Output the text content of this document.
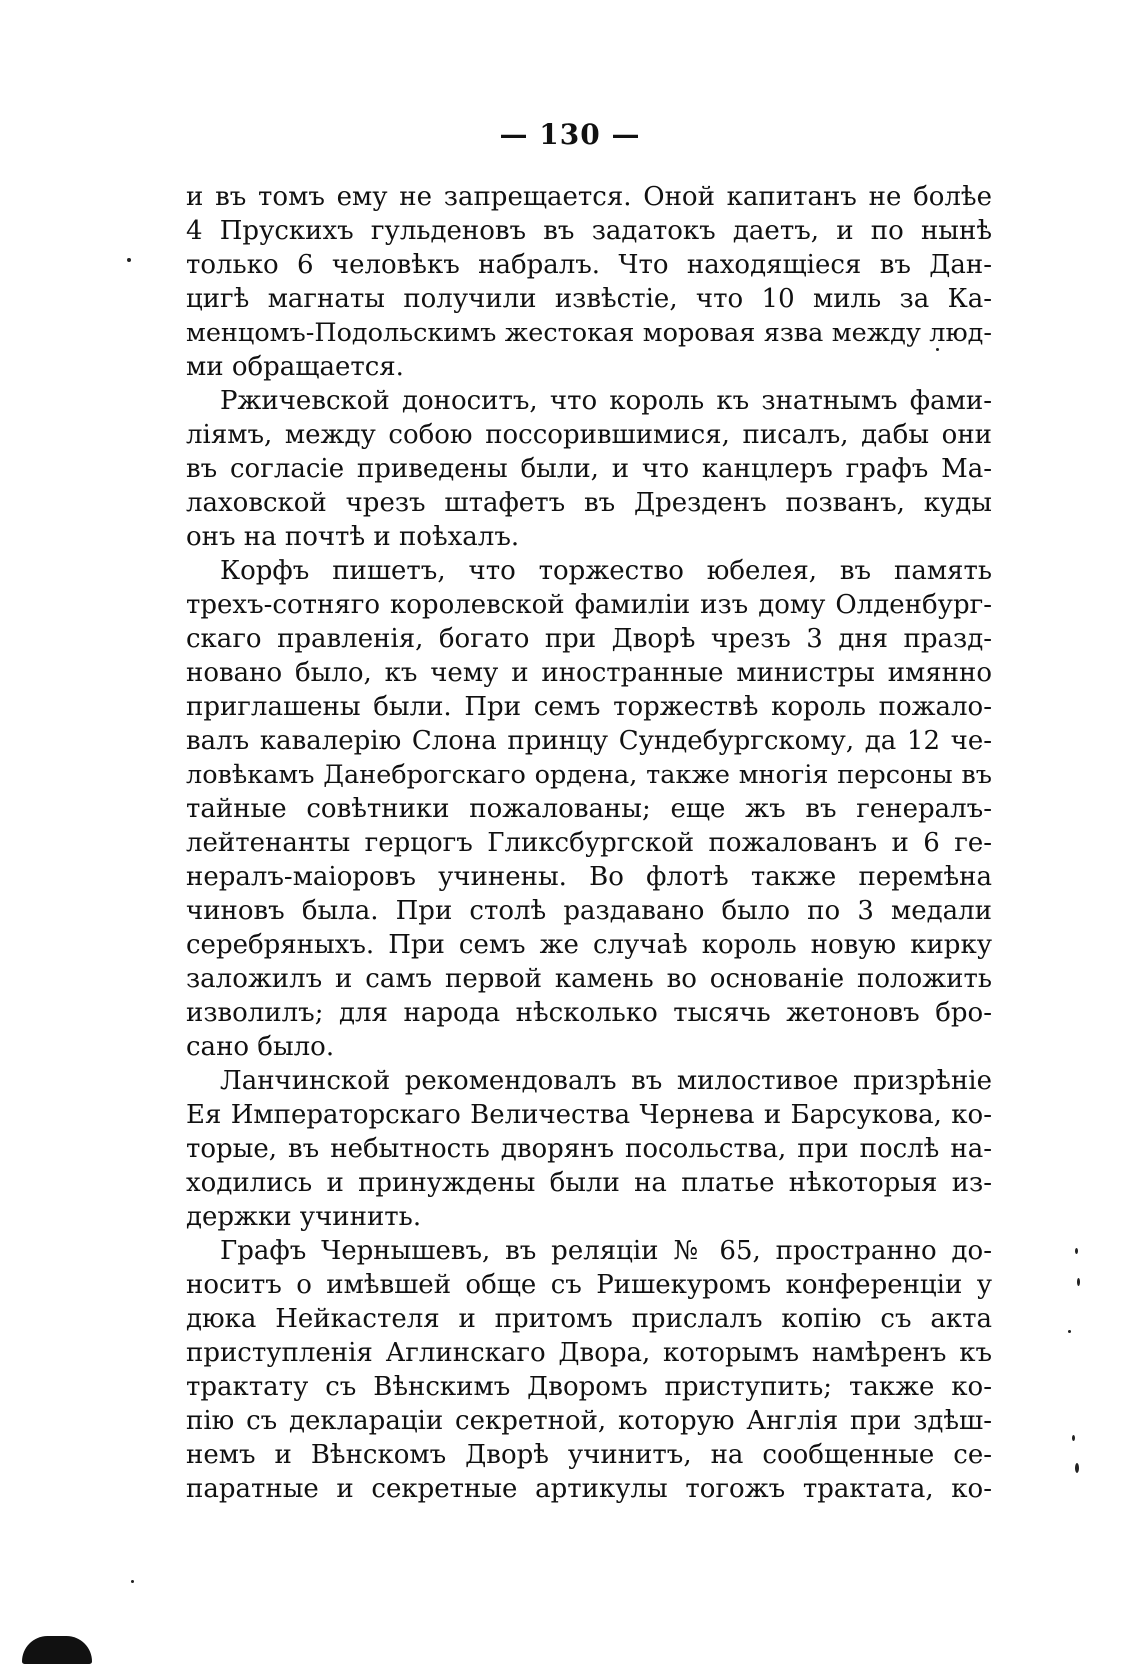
— 130 —
и въ томъ ему не запрещается. Оной капитанъ не болѣе
4 Прускихъ гульденовъ въ задатокъ даетъ, и по нынѣ
только 6 человѣкъ набралъ. Что находящіеся въ Дан-
цигѣ магнаты получили извѣстіе, что 10 миль за Ка-
менцомъ-Подольскимъ жестокая моровая язва между люд-
ми обращается.
Ржичевской доноситъ, что король къ знатнымъ фами-
ліямъ, между собою поссорившимися, писалъ, дабы они
въ согласіе приведены были, и что канцлеръ графъ Ма-
лаховской чрезъ штафетъ въ Дрезденъ позванъ, куды
онъ на почтѣ и поѣхалъ.
Корфъ пишетъ, что торжество юбелея, въ память
трехъ-сотняго королевской фамиліи изъ дому Олденбург-
скаго правленія, богато при Дворѣ чрезъ 3 дня празд-
новано было, къ чему и иностранные министры имянно
приглашены были. При семъ торжествѣ король пожало-
валъ кавалерію Слона принцу Сундебургскому, да 12 че-
ловѣкамъ Данеброгскаго ордена, также многія персоны въ
тайные совѣтники пожалованы; еще жъ въ генералъ-
лейтенанты герцогъ Гликсбургской пожалованъ и 6 ге-
нералъ-маіоровъ учинены. Во флотѣ также перемѣна
чиновъ была. При столѣ раздавано было по 3 медали
серебряныхъ. При семъ же случаѣ король новую кирку
заложилъ и самъ первой камень во основаніе положить
изволилъ; для народа нѣсколько тысячь жетоновъ бро-
сано было.
Ланчинской рекомендовалъ въ милостивое призрѣніе
Ея Императорскаго Величества Чернева и Барсукова, ко-
торые, въ небытность дворянъ посольства, при послѣ на-
ходились и принуждены были на платье нѣкоторыя из-
держки учинить.
Графъ Чернышевъ, въ реляціи № 65, пространно до-
носитъ о имѣвшей обще съ Ришекуромъ конференціи у
дюка Нейкастеля и притомъ прислалъ копію съ акта
приступленія Аглинскаго Двора, которымъ намѣренъ къ
трактату съ Вѣнскимъ Дворомъ приступить; также ко-
пію съ деклараціи секретной, которую Англія при здѣш-
немъ и Вѣнскомъ Дворѣ учинитъ, на сообщенные се-
паратные и секретные артикулы тогожъ трактата, ко-
